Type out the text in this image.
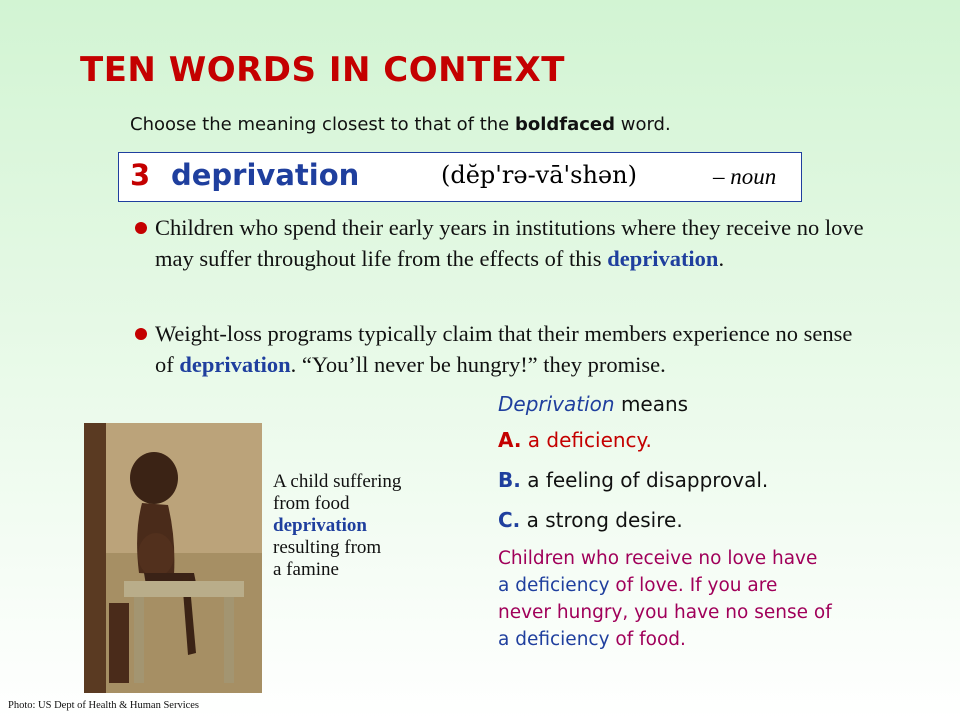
TEN WORDS IN CONTEXT
Choose the meaning closest to that of the boldfaced word.
3 deprivation	(dĕp'rə-vā'shən)	– noun
Children who spend their early years in institutions where they receive no love may suffer throughout life from the effects of this deprivation.
Weight-loss programs typically claim that their members experience no sense of deprivation. “You’ll never be hungry!” they promise.
A child suffering
from food
deprivation
resulting from
a famine
Photo: US Dept of Health & Human Services
Deprivation means
A. a deficiency.
B. a feeling of disapproval.
C. a strong desire.
Children who receive no love have
a deficiency of love. If you are
never hungry, you have no sense of
a deficiency of food.
